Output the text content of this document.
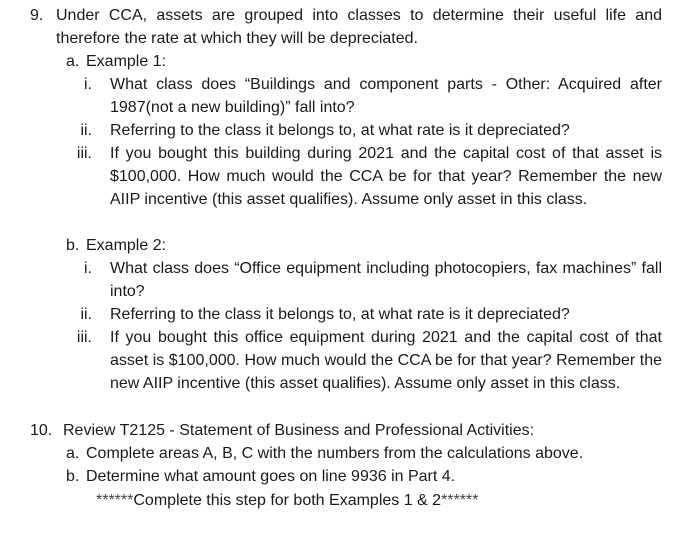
9. Under CCA, assets are grouped into classes to determine their useful life and therefore the rate at which they will be depreciated.
a. Example 1:
i. What class does “Buildings and component parts - Other: Acquired after 1987(not a new building)” fall into?
ii. Referring to the class it belongs to, at what rate is it depreciated?
iii. If you bought this building during 2021 and the capital cost of that asset is $100,000. How much would the CCA be for that year? Remember the new AIIP incentive (this asset qualifies). Assume only asset in this class.
b. Example 2:
i. What class does “Office equipment including photocopiers, fax machines” fall into?
ii. Referring to the class it belongs to, at what rate is it depreciated?
iii. If you bought this office equipment during 2021 and the capital cost of that asset is $100,000. How much would the CCA be for that year? Remember the new AIIP incentive (this asset qualifies). Assume only asset in this class.
10. Review T2125 - Statement of Business and Professional Activities:
a. Complete areas A, B, C with the numbers from the calculations above.
b. Determine what amount goes on line 9936 in Part 4.
******Complete this step for both Examples 1 & 2******
